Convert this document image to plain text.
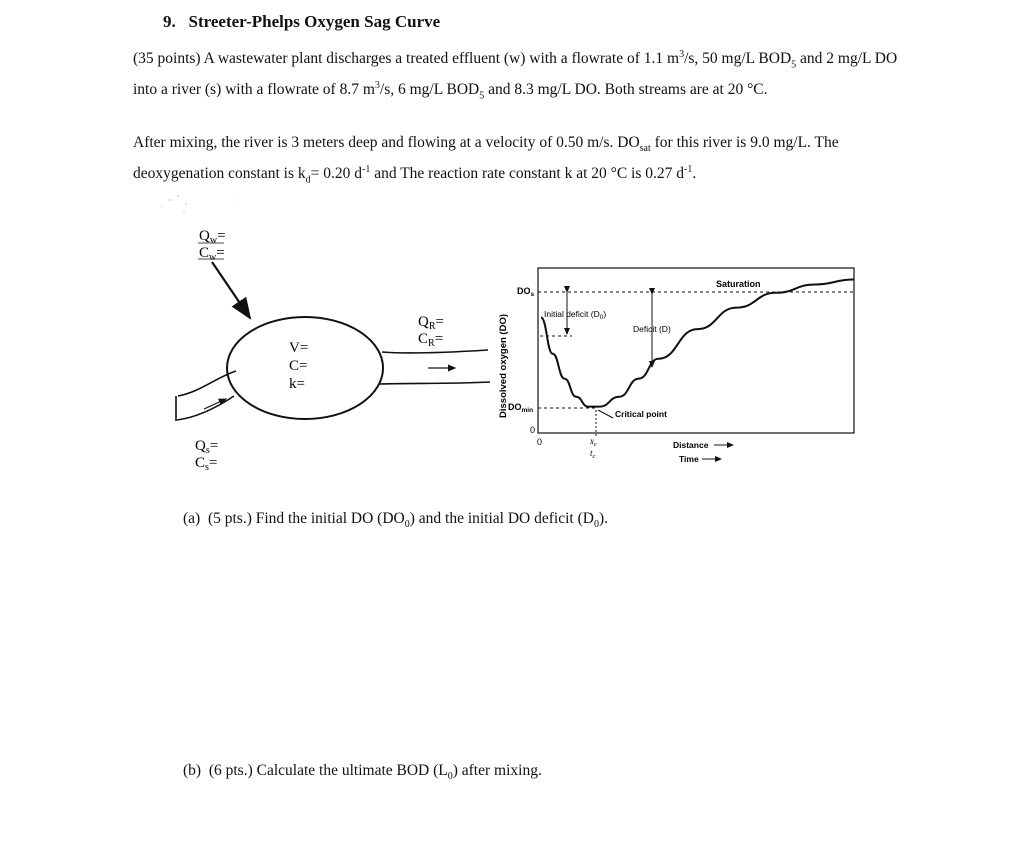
9. Streeter-Phelps Oxygen Sag Curve
(35 points) A wastewater plant discharges a treated effluent (w) with a flowrate of 1.1 $m^3/s$, 50 mg/L $BOD_5$ and 2 mg/L DO into a river (s) with a flowrate of 8.7 $m^3/s$, 6 mg/L $BOD_5$ and 8.3 mg/L DO. Both streams are at 20 °C.
After mixing, the river is 3 meters deep and flowing at a velocity of 0.50 m/s. $DO_{sat}$ for this river is 9.0 mg/L. The deoxygenation constant is $k_d= 0.20$ $d^{-1}$ and The reaction rate constant k at 20 °C is 0.27 $d^{-1}$.
$Q_w=$
$C_w=$
$Q_R=$
$C_R=$
V=
C=
k=
$Q_s=$
$C_s=$
Dissolved oxygen (DO)
Saturation
$DO_s$
$DO_{min}$
0
0
Initial deficit $(D_0)$
Deficit (D)
Critical point
$x_c$
$t_c$
Distance
Time
(a) (5 pts.) Find the initial DO $(DO_0)$ and the initial DO deficit $(D_0)$.
(b) (6 pts.) Calculate the ultimate BOD $(L_0)$ after mixing.
